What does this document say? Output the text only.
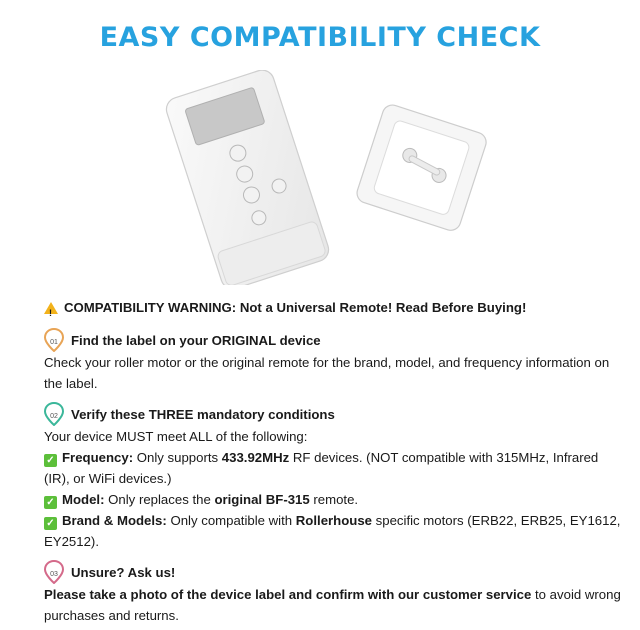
EASY COMPATIBILITY CHECK
!
COMPATIBILITY WARNING: Not a Universal Remote! Read Before Buying!
01 Find the label on your ORIGINAL device
Check your roller motor or the original remote for the brand, model, and frequency information on the label.
02 Verify these THREE mandatory conditions
Your device MUST meet ALL of the following:
✓ Frequency: Only supports 433.92MHz RF devices. (NOT compatible with 315MHz, Infrared (IR), or WiFi devices.)
✓ Model: Only replaces the original BF-315 remote.
✓ Brand & Models: Only compatible with Rollerhouse specific motors (ERB22, ERB25, EY1612, EY2512).
03 Unsure? Ask us!
Please take a photo of the device label and confirm with our customer service to avoid wrong purchases and returns.
